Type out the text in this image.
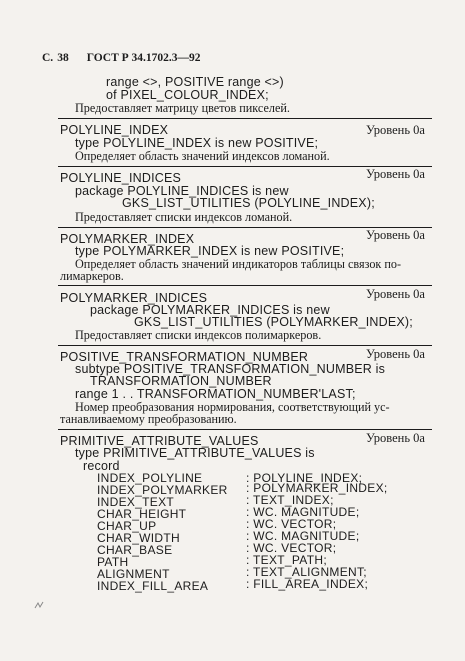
С. 38 ГОСТ Р 34.1702.3—92
range <>, POSITIVE range <>)
of PIXEL_COLOUR_INDEX;
Предоставляет матрицу цветов пикселей.
POLYLINE_INDEX	Уровень 0а
type POLYLINE_INDEX is new POSITIVE;
Определяет область значений индексов ломаной.
POLYLINE_INDICES	Уровень 0а
package POLYLINE_INDICES is new
GKS_LIST_UTILITIES (POLYLINE_INDEX);
Предоставляет списки индексов ломаной.
POLYMARKER_INDEX	Уровень 0а
type POLYMARKER_INDEX is new POSITIVE;
Определяет область значений индикаторов таблицы связок по-
лимаркеров.
POLYMARKER_INDICES	Уровень 0а
package POLYMARKER_INDICES is new
GKS_LIST_UTILITIES (POLYMARKER_INDEX);
Предоставляет списки индексов полимаркеров.
POSITIVE_TRANSFORMATION_NUMBER	Уровень 0а
subtype POSITIVE_TRANSFORMATION_NUMBER is
TRANSFORMATION_NUMBER
range 1 . . TRANSFORMATION_NUMBER'LAST;
Номер преобразования нормирования, соответствующий ус-
танавливаемому преобразованию.
PRIMITIVE_ATTRIBUTE_VALUES	Уровень 0а
type PRIMITIVE_ATTRIBUTE_VALUES is
record
INDEX_POLYLINE	: POLYLINE_INDEX;
INDEX_POLYMARKER : POLYMARKER_INDEX;
INDEX_TEXT	: TEXT_INDEX;
CHAR_HEIGHT	: WC. MAGNITUDE;
CHAR_UP	: WC. VECTOR;
CHAR_WIDTH	: WC. MAGNITUDE;
CHAR_BASE	: WC. VECTOR;
PATH	: TEXT_PATH;
ALIGNMENT	: TEXT_ALIGNMENT;
INDEX_FILL_AREA	: FILL_AREA_INDEX;
